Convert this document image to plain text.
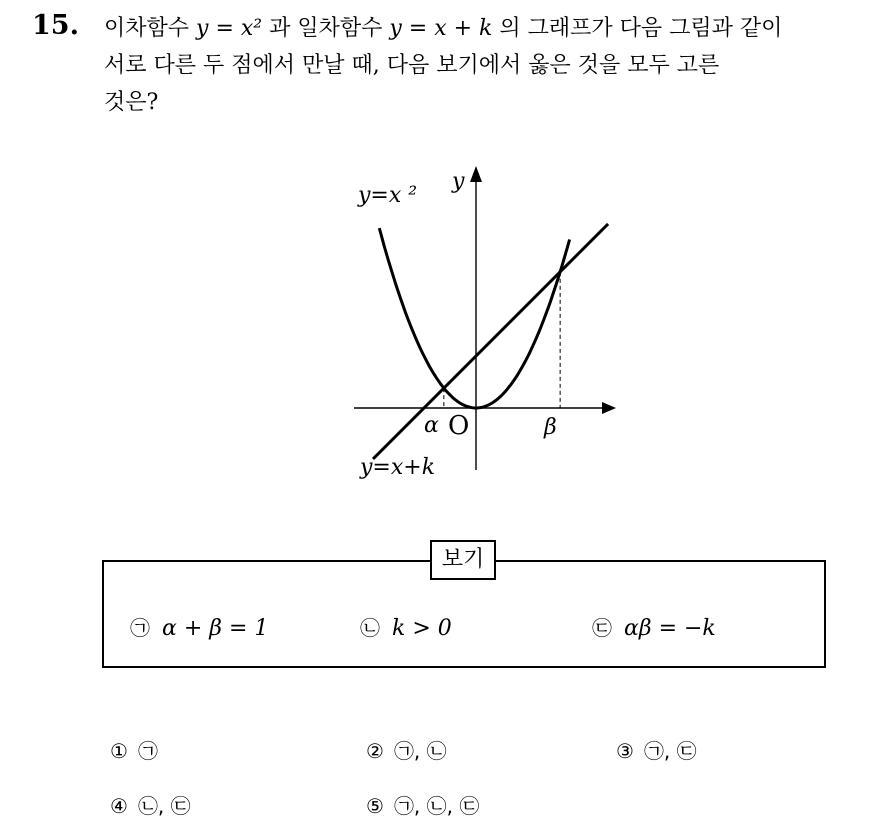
15. 이차함수 y = x² 과 일차함수 y = x + k 의 그래프가 다음 그림과 같이
서로 다른 두 점에서 만날 때, 다음 보기에서 옳은 것을 모두 고른
것은?
y=x ²
y
α O	β
y=x+k
보기
㉠ α + β = 1	㉡ k > 0	㉢ αβ = −k
① ㉠	② ㉠, ㉡	③ ㉠, ㉢
④ ㉡, ㉢	⑤ ㉠, ㉡, ㉢
